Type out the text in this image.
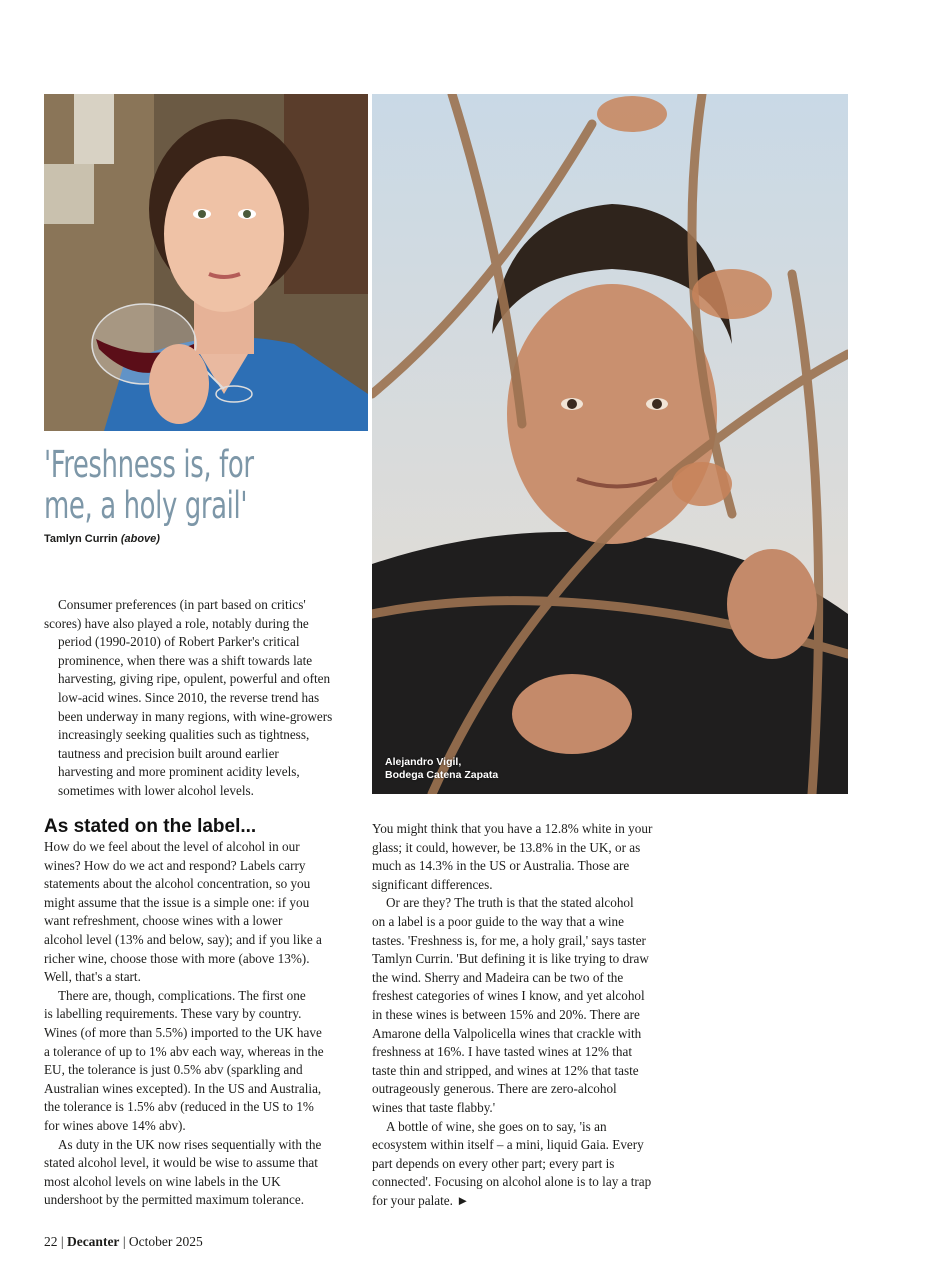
Alejandro Vigil,
Bodega Catena Zapata
'Freshness is, for
me, a holy grail'
Tamlyn Currin (above)

Consumer preferences (in part based on critics'
scores) have also played a role, notably during the
period (1990-2010) of Robert Parker's critical
prominence, when there was a shift towards late
harvesting, giving ripe, opulent, powerful and often
low-acid wines. Since 2010, the reverse trend has
been underway in many regions, with wine-growers
increasingly seeking qualities such as tightness,
tautness and precision built around earlier
harvesting and more prominent acidity levels,
sometimes with lower alcohol levels.

As stated on the label...
How do we feel about the level of alcohol in our
wines? How do we act and respond? Labels carry
statements about the alcohol concentration, so you
might assume that the issue is a simple one: if you
want refreshment, choose wines with a lower
alcohol level (13% and below, say); and if you like a
richer wine, choose those with more (above 13%).
Well, that's a start.
There are, though, complications. The first one
is labelling requirements. These vary by country.
Wines (of more than 5.5%) imported to the UK have
a tolerance of up to 1% abv each way, whereas in the
EU, the tolerance is just 0.5% abv (sparkling and
Australian wines excepted). In the US and Australia,
the tolerance is 1.5% abv (reduced in the US to 1%
for wines above 14% abv).
As duty in the UK now rises sequentially with the
stated alcohol level, it would be wise to assume that
most alcohol levels on wine labels in the UK
undershoot by the permitted maximum tolerance.
You might think that you have a 12.8% white in your
glass; it could, however, be 13.8% in the UK, or as
much as 14.3% in the US or Australia. Those are
significant differences.
Or are they? The truth is that the stated alcohol
on a label is a poor guide to the way that a wine
tastes. 'Freshness is, for me, a holy grail,' says taster
Tamlyn Currin. 'But defining it is like trying to draw
the wind. Sherry and Madeira can be two of the
freshest categories of wines I know, and yet alcohol
in these wines is between 15% and 20%. There are
Amarone della Valpolicella wines that crackle with
freshness at 16%. I have tasted wines at 12% that
taste thin and stripped, and wines at 12% that taste
outrageously generous. There are zero-alcohol
wines that taste flabby.'
A bottle of wine, she goes on to say, 'is an
ecosystem within itself – a mini, liquid Gaia. Every
part depends on every other part; every part is
connected'. Focusing on alcohol alone is to lay a trap
for your palate. ►
22 | Decanter | October 2025
